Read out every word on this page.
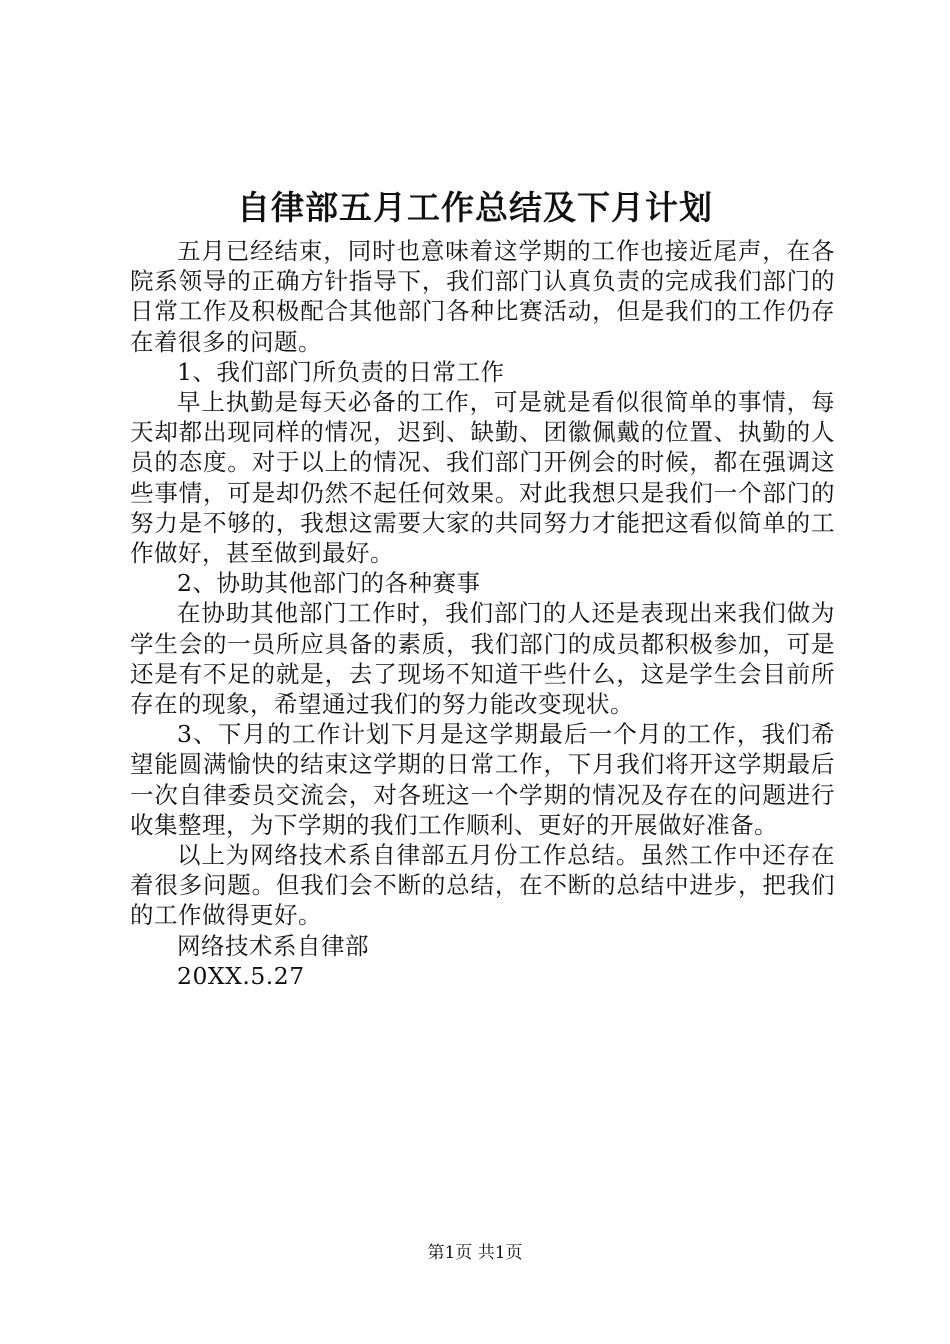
自律部五月工作总结及下月计划

五月已经结束，同时也意味着这学期的工作也接近尾声，在各院系领导的正确方针指导下，我们部门认真负责的完成我们部门的日常工作及积极配合其他部门各种比赛活动，但是我们的工作仍存在着很多的问题。

1、我们部门所负责的日常工作

早上执勤是每天必备的工作，可是就是看似很简单的事情，每天却都出现同样的情况，迟到、缺勤、团徽佩戴的位置、执勤的人员的态度。对于以上的情况、我们部门开例会的时候，都在强调这些事情，可是却仍然不起任何效果。对此我想只是我们一个部门的努力是不够的，我想这需要大家的共同努力才能把这看似简单的工作做好，甚至做到最好。

2、协助其他部门的各种赛事

在协助其他部门工作时，我们部门的人还是表现出来我们做为学生会的一员所应具备的素质，我们部门的成员都积极参加，可是还是有不足的就是，去了现场不知道干些什么，这是学生会目前所存在的现象，希望通过我们的努力能改变现状。

3、下月的工作计划下月是这学期最后一个月的工作，我们希望能圆满愉快的结束这学期的日常工作，下月我们将开这学期最后一次自律委员交流会，对各班这一个学期的情况及存在的问题进行收集整理，为下学期的我们工作顺利、更好的开展做好准备。

以上为网络技术系自律部五月份工作总结。虽然工作中还存在着很多问题。但我们会不断的总结，在不断的总结中进步，把我们的工作做得更好。

网络技术系自律部

20XX.5.27

第1页 共1页
